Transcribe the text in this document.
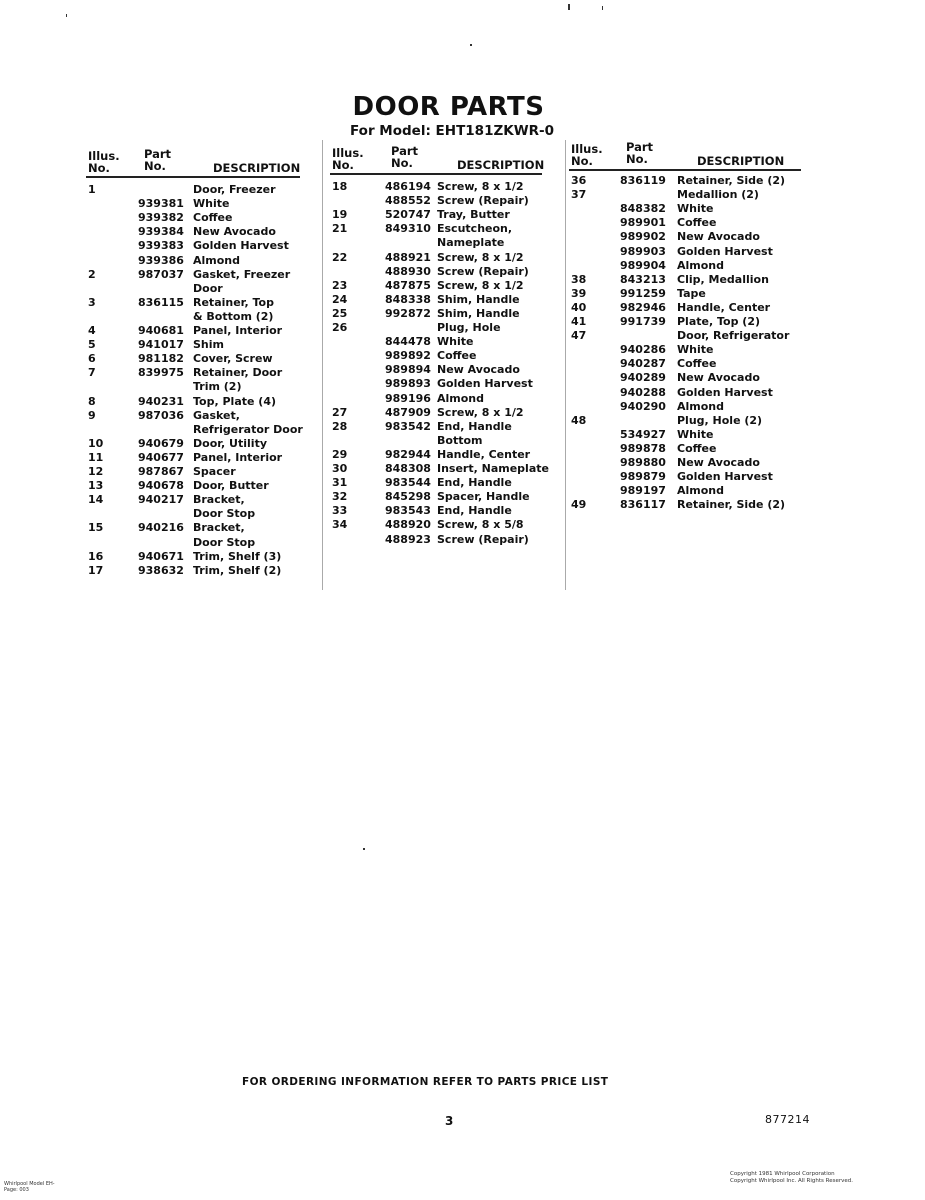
DOOR PARTS
For Model: EHT181ZKWR-0
Illus.
No.
Part
No.	DESCRIPTION
1	Door, Freezer
939381 White
939382 Coffee
939384 New Avocado
939383 Golden Harvest
939386 Almond
2	987037 Gasket, Freezer
Door
3	836115 Retainer, Top
& Bottom (2)
4	940681 Panel, Interior
5	941017 Shim
6	981182 Cover, Screw
7	839975 Retainer, Door
Trim (2)
8	940231 Top, Plate (4)
9	987036 Gasket,
Refrigerator Door
10	940679 Door, Utility
11	940677 Panel, Interior
12	987867 Spacer
13	940678 Door, Butter
14	940217 Bracket,
Door Stop
15	940216 Bracket,
Door Stop
16	940671 Trim, Shelf (3)
17	938632 Trim, Shelf (2)
Illus.
No.
Part
No.	DESCRIPTION
18	486194 Screw, 8 x 1/2
488552 Screw (Repair)
19	520747 Tray, Butter
21	849310 Escutcheon,
Nameplate
22	488921 Screw, 8 x 1/2
488930 Screw (Repair)
23	487875 Screw, 8 x 1/2
24	848338 Shim, Handle
25	992872 Shim, Handle
26	Plug, Hole
844478 White
989892 Coffee
989894 New Avocado
989893 Golden Harvest
989196 Almond
27	487909 Screw, 8 x 1/2
28	983542 End, Handle
Bottom
29	982944 Handle, Center
30	848308 Insert, Nameplate
31	983544 End, Handle
32	845298 Spacer, Handle
33	983543 End, Handle
34	488920 Screw, 8 x 5/8
488923 Screw (Repair)
Illus.
No.
Part
No.	DESCRIPTION
36	836119 Retainer, Side (2)
37	Medallion (2)
848382 White
989901 Coffee
989902 New Avocado
989903 Golden Harvest
989904 Almond
38	843213 Clip, Medallion
39	991259 Tape
40	982946 Handle, Center
41	991739 Plate, Top (2)
47	Door, Refrigerator
940286 White
940287 Coffee
940289 New Avocado
940288 Golden Harvest
940290 Almond
48	Plug, Hole (2)
534927 White
989878 Coffee
989880 New Avocado
989879 Golden Harvest
989197 Almond
49	836117 Retainer, Side (2)
FOR ORDERING INFORMATION REFER TO PARTS PRICE LIST
3	877214
Copyright 1981 Whirlpool Corporation
Copyright Whirlpool Inc. All Rights Reserved.
Whirlpool Model EH-
Page: 003
